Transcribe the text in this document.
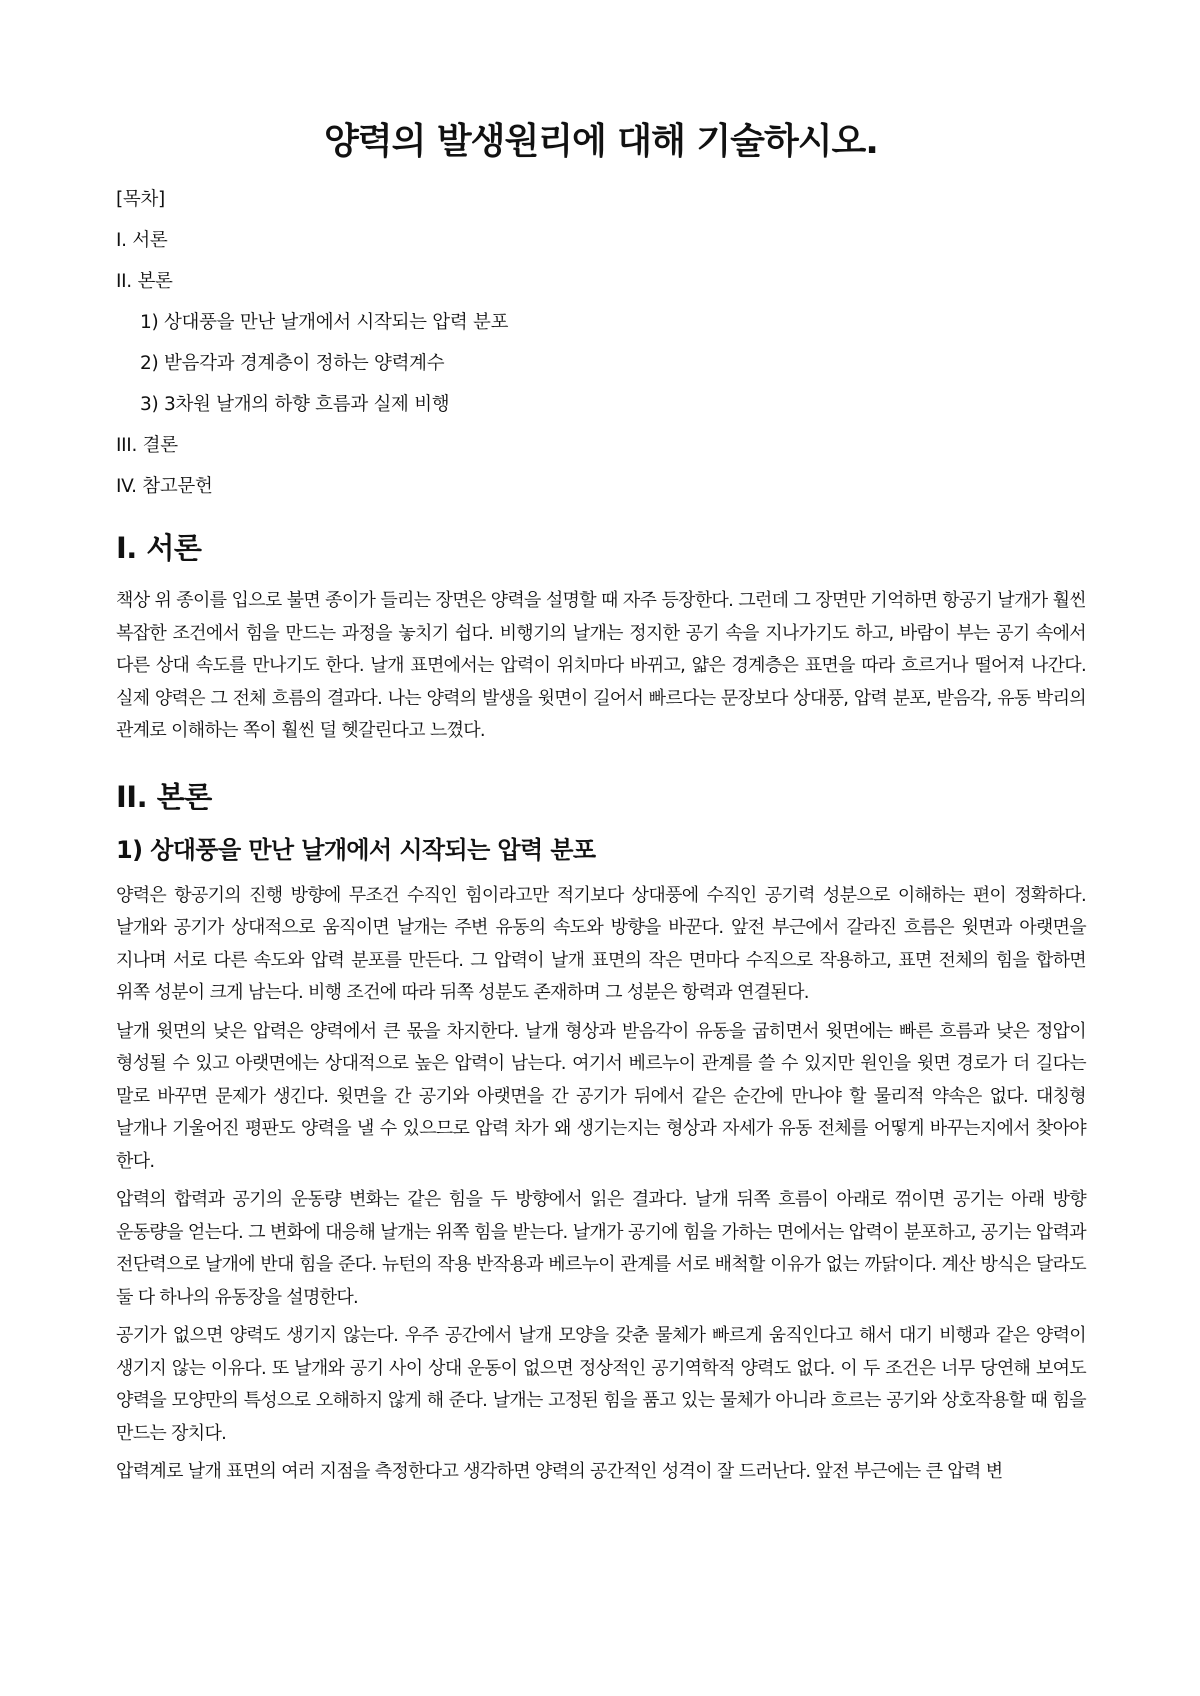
양력의 발생원리에 대해 기술하시오.

[목차]

I. 서론

II. 본론

1) 상대풍을 만난 날개에서 시작되는 압력 분포

2) 받음각과 경계층이 정하는 양력계수

3) 3차원 날개의 하향 흐름과 실제 비행

III. 결론

IV. 참고문헌

I. 서론

책상 위 종이를 입으로 불면 종이가 들리는 장면은 양력을 설명할 때 자주 등장한다. 그런데 그 장면만 기억하면 항공기 날개가 훨씬 복잡한 조건에서 힘을 만드는 과정을 놓치기 쉽다. 비행기의 날개는 정지한 공기 속을 지나가기도 하고, 바람이 부는 공기 속에서 다른 상대 속도를 만나기도 한다. 날개 표면에서는 압력이 위치마다 바뀌고, 얇은 경계층은 표면을 따라 흐르거나 떨어져 나간다. 실제 양력은 그 전체 흐름의 결과다. 나는 양력의 발생을 윗면이 길어서 빠르다는 문장보다 상대풍, 압력 분포, 받음각, 유동 박리의 관계로 이해하는 쪽이 훨씬 덜 헷갈린다고 느꼈다.

II. 본론
1) 상대풍을 만난 날개에서 시작되는 압력 분포

양력은 항공기의 진행 방향에 무조건 수직인 힘이라고만 적기보다 상대풍에 수직인 공기력 성분으로 이해하는 편이 정확하다. 날개와 공기가 상대적으로 움직이면 날개는 주변 유동의 속도와 방향을 바꾼다. 앞전 부근에서 갈라진 흐름은 윗면과 아랫면을 지나며 서로 다른 속도와 압력 분포를 만든다. 그 압력이 날개 표면의 작은 면마다 수직으로 작용하고, 표면 전체의 힘을 합하면 위쪽 성분이 크게 남는다. 비행 조건에 따라 뒤쪽 성분도 존재하며 그 성분은 항력과 연결된다.

날개 윗면의 낮은 압력은 양력에서 큰 몫을 차지한다. 날개 형상과 받음각이 유동을 굽히면서 윗면에는 빠른 흐름과 낮은 정압이 형성될 수 있고 아랫면에는 상대적으로 높은 압력이 남는다. 여기서 베르누이 관계를 쓸 수 있지만 원인을 윗면 경로가 더 길다는 말로 바꾸면 문제가 생긴다. 윗면을 간 공기와 아랫면을 간 공기가 뒤에서 같은 순간에 만나야 할 물리적 약속은 없다. 대칭형 날개나 기울어진 평판도 양력을 낼 수 있으므로 압력 차가 왜 생기는지는 형상과 자세가 유동 전체를 어떻게 바꾸는지에서 찾아야 한다.

압력의 합력과 공기의 운동량 변화는 같은 힘을 두 방향에서 읽은 결과다. 날개 뒤쪽 흐름이 아래로 꺾이면 공기는 아래 방향 운동량을 얻는다. 그 변화에 대응해 날개는 위쪽 힘을 받는다. 날개가 공기에 힘을 가하는 면에서는 압력이 분포하고, 공기는 압력과 전단력으로 날개에 반대 힘을 준다. 뉴턴의 작용 반작용과 베르누이 관계를 서로 배척할 이유가 없는 까닭이다. 계산 방식은 달라도 둘 다 하나의 유동장을 설명한다.

공기가 없으면 양력도 생기지 않는다. 우주 공간에서 날개 모양을 갖춘 물체가 빠르게 움직인다고 해서 대기 비행과 같은 양력이 생기지 않는 이유다. 또 날개와 공기 사이 상대 운동이 없으면 정상적인 공기역학적 양력도 없다. 이 두 조건은 너무 당연해 보여도 양력을 모양만의 특성으로 오해하지 않게 해 준다. 날개는 고정된 힘을 품고 있는 물체가 아니라 흐르는 공기와 상호작용할 때 힘을 만드는 장치다.

압력계로 날개 표면의 여러 지점을 측정한다고 생각하면 양력의 공간적인 성격이 잘 드러난다. 앞전 부근에는 큰 압력 변
